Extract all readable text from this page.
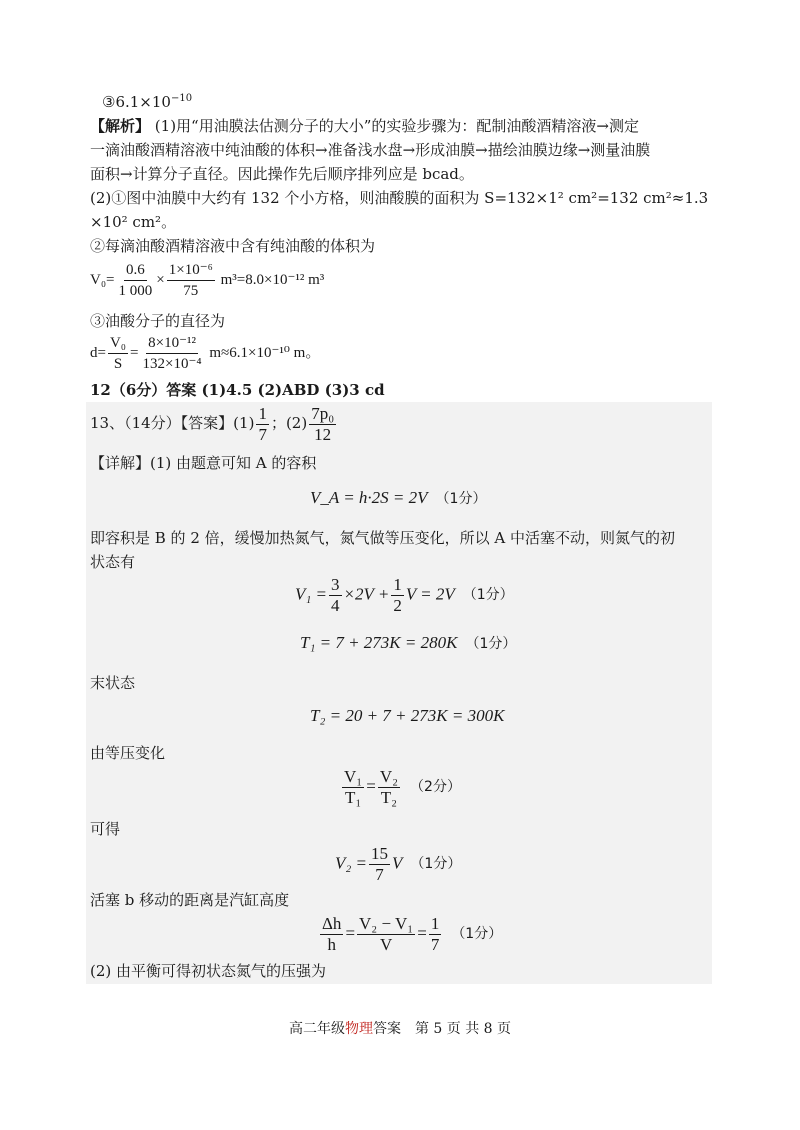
$③6.1\times 10^{-10}$
【解析】 (1)用“用油膜法估测分子的大小”的实验步骤为：配制油酸酒精溶液→测定
一滴油酸酒精溶液中纯油酸的体积→准备浅水盘→形成油膜→描绘油膜边缘→测量油膜
面积→计算分子直径。因此操作先后顺序排列应是 bcad。
(2)①图中油膜中大约有 132 个小方格，则油酸膜的面积为 S=132×1² cm²=132 cm²≈1.3
×10² cm²。
②每滴油酸酒精溶液中含有纯油酸的体积为
$V_0= \frac{0.6}{1 000} \times \frac{\text{1×10⁻⁶}}{75} m^3=8.0\times 10^{-12}$ m³
③油酸分子的直径为
$d= \frac{\text{V₀}}{S} = \frac{\text{8×10⁻¹²}}{\text{132×10⁻⁴}} m\approx 6.1\times 10^{-10}$ m。
12（6分）答案 (1)4.5 (2)ABD (3)3 cd
13、（14分）【答案】$(1) \frac{1}{7}$ ；$(2) \frac{\text{7p₀}}{12}$
【详解】(1) 由题意可知 A 的容积
V_A = h·2S = 2V （1分）
即容积是 B 的 2 倍，缓慢加热氮气，氮气做等压变化，所以 A 中活塞不动，则氮气的初
状态有
$V_1 = \frac{3}{4} \times 2V + \frac{1}{2}$ V = 2V （1分）
T₁ = 7 + 273K = 280K （1分）
末状态
T₂ = 20 + 7 + 273K = 300K
由等压变化
$\frac{\text{V₁}}{\text{T₁}} = \frac{\text{V₂}}{\text{T₂}} (2$分）
可得
$V_2 = \frac{15}{7}$ V （1分）
活塞 b 移动的距离是汽缸高度
$\frac{\Delta h}{h} = \frac{\text{V₂ − V₁}}{V} = \frac{1}{7} (1$分）
(2) 由平衡可得初状态氮气的压强为
高二年级物理答案　第 5 页 共 8 页
